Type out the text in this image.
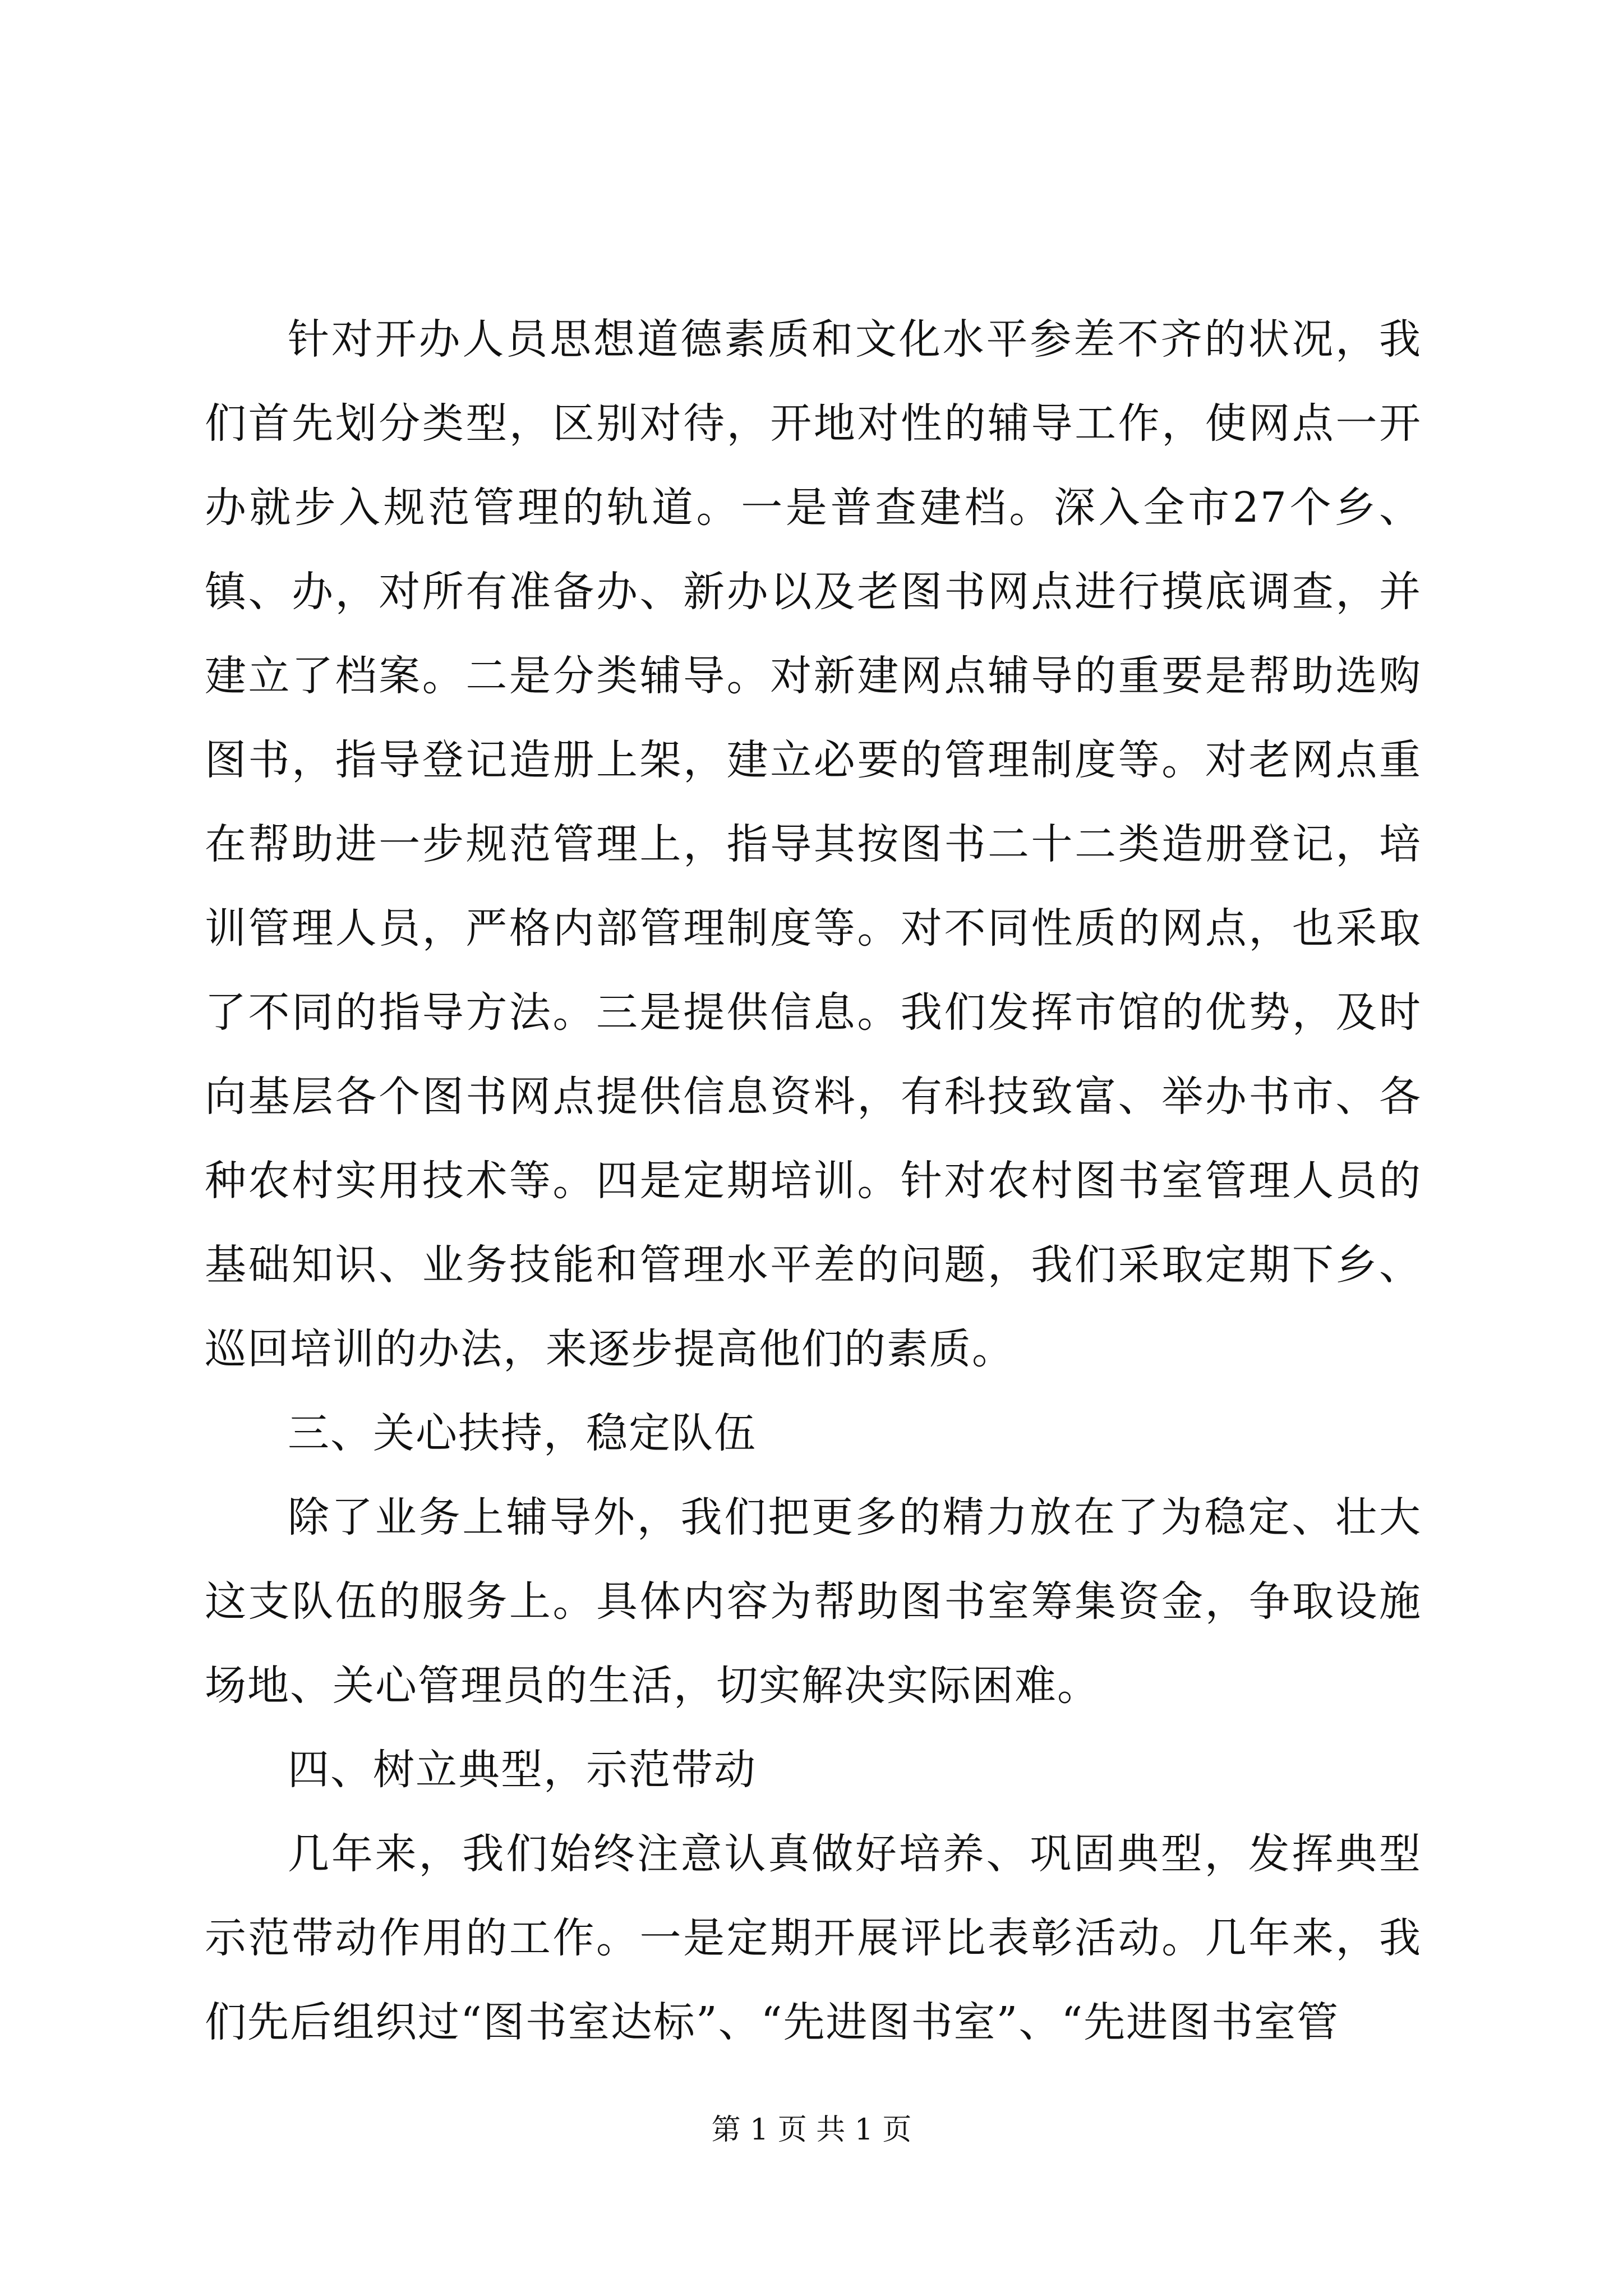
针对开办人员思想道德素质和文化水平参差不齐的状况，我们首先划分类型，区别对待，开地对性的辅导工作，使网点一开办就步入规范管理的轨道。一是普查建档。深入全市27个乡、镇、办，对所有准备办、新办以及老图书网点进行摸底调查，并建立了档案。二是分类辅导。对新建网点辅导的重要是帮助选购图书，指导登记造册上架，建立必要的管理制度等。对老网点重在帮助进一步规范管理上，指导其按图书二十二类造册登记，培训管理人员，严格内部管理制度等。对不同性质的网点，也采取了不同的指导方法。三是提供信息。我们发挥市馆的优势，及时向基层各个图书网点提供信息资料，有科技致富、举办书市、各种农村实用技术等。四是定期培训。针对农村图书室管理人员的基础知识、业务技能和管理水平差的问题，我们采取定期下乡、巡回培训的办法，来逐步提高他们的素质。

三、关心扶持，稳定队伍

除了业务上辅导外，我们把更多的精力放在了为稳定、壮大这支队伍的服务上。具体内容为帮助图书室筹集资金，争取设施场地、关心管理员的生活，切实解决实际困难。

四、树立典型，示范带动

几年来，我们始终注意认真做好培养、巩固典型，发挥典型示范带动作用的工作。一是定期开展评比表彰活动。几年来，我们先后组织过“图书室达标”、“先进图书室”、“先进图书室管

第 1 页 共 1 页
